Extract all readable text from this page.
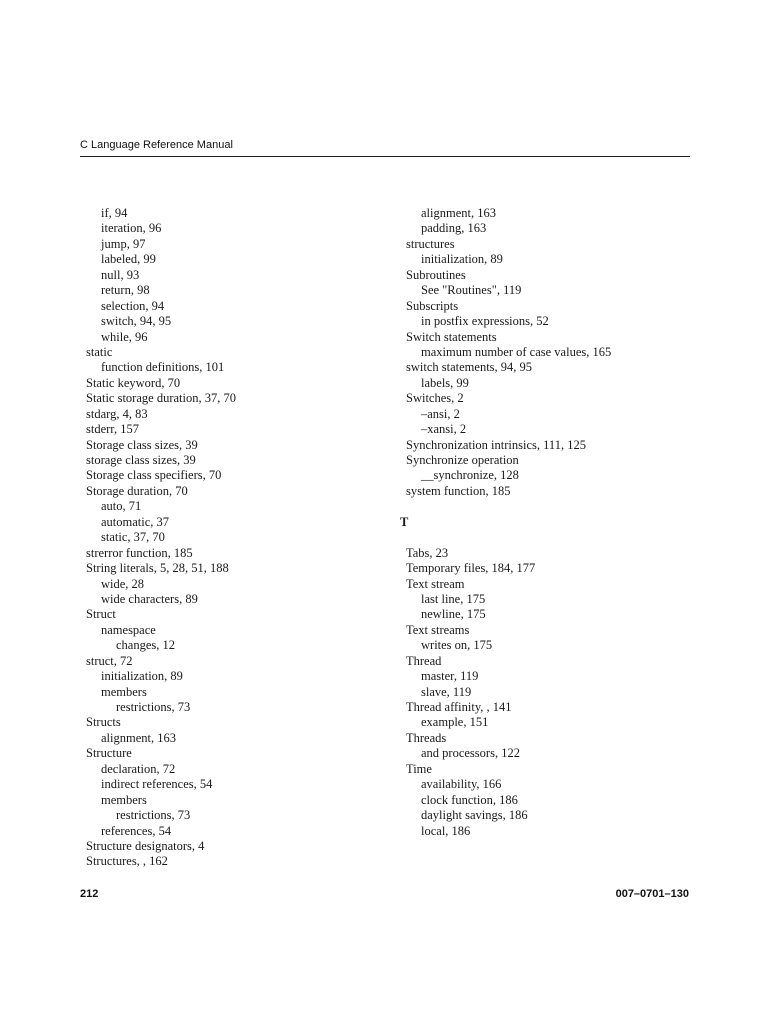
C Language Reference Manual
if, 94
iteration, 96
jump, 97
labeled, 99
null, 93
return, 98
selection, 94
switch, 94, 95
while, 96
static
function definitions, 101
Static keyword, 70
Static storage duration, 37, 70
stdarg, 4, 83
stderr, 157
Storage class sizes, 39
storage class sizes, 39
Storage class specifiers, 70
Storage duration, 70
auto, 71
automatic, 37
static, 37, 70
strerror function, 185
String literals, 5, 28, 51, 188
wide, 28
wide characters, 89
Struct
namespace
changes, 12
struct, 72
initialization, 89
members
restrictions, 73
Structs
alignment, 163
Structure
declaration, 72
indirect references, 54
members
restrictions, 73
references, 54
Structure designators, 4
Structures, , 162
alignment, 163
padding, 163
structures
initialization, 89
Subroutines
See "Routines", 119
Subscripts
in postfix expressions, 52
Switch statements
maximum number of case values, 165
switch statements, 94, 95
labels, 99
Switches, 2
–ansi, 2
–xansi, 2
Synchronization intrinsics, 111, 125
Synchronize operation
__synchronize, 128
system function, 185
T
Tabs, 23
Temporary files, 184, 177
Text stream
last line, 175
newline, 175
Text streams
writes on, 175
Thread
master, 119
slave, 119
Thread affinity, , 141
example, 151
Threads
and processors, 122
Time
availability, 166
clock function, 186
daylight savings, 186
local, 186
212	007–0701–130
